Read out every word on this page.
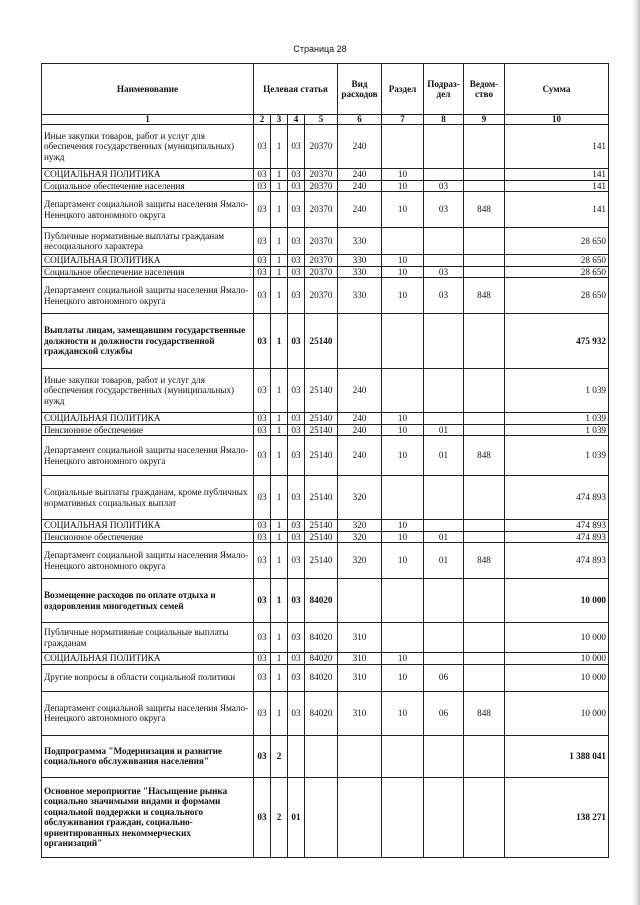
Страница 28
Наименование	Целевая статья				Вид расходов	Раздел	Подраз-дел	Ведом-ство	Сумма
1	2	3	4	5	6	7	8	9	10
Иные закупки товаров, работ и услуг для обеспечения государственных (муниципальных) нужд	03	1	03	20370	240				141
СОЦИАЛЬНАЯ ПОЛИТИКА	03	1	03	20370	240	10			141
Социальное обеспечение населения	03	1	03	20370	240	10	03		141
Департамент социальной защиты населения Ямало-Ненецкого автономного округа	03	1	03	20370	240	10	03	848	141
Публичные нормативные выплаты гражданам несоциального характера	03	1	03	20370	330				28 650
СОЦИАЛЬНАЯ ПОЛИТИКА	03	1	03	20370	330	10			28 650
Социальное обеспечение населения	03	1	03	20370	330	10	03		28 650
Департамент социальной защиты населения Ямало-Ненецкого автономного округа	03	1	03	20370	330	10	03	848	28 650
Выплаты лицам, замещавшим государственные должности и должности государственной гражданской службы	03	1	03	25140					475 932
Иные закупки товаров, работ и услуг для обеспечения государственных (муниципальных) нужд	03	1	03	25140	240				1 039
СОЦИАЛЬНАЯ ПОЛИТИКА	03	1	03	25140	240	10			1 039
Пенсионное обеспечение	03	1	03	25140	240	10	01		1 039
Департамент социальной защиты населения Ямало-Ненецкого автономного округа	03	1	03	25140	240	10	01	848	1 039
Социальные выплаты гражданам, кроме публичных нормативных социальных выплат	03	1	03	25140	320				474 893
СОЦИАЛЬНАЯ ПОЛИТИКА	03	1	03	25140	320	10			474 893
Пенсионное обеспечение	03	1	03	25140	320	10	01		474 893
Департамент социальной защиты населения Ямало-Ненецкого автономного округа	03	1	03	25140	320	10	01	848	474 893
Возмещение расходов по оплате отдыха и оздоровления многодетных семей	03	1	03	84020					10 000
Публичные нормативные социальные выплаты гражданам	03	1	03	84020	310				10 000
СОЦИАЛЬНАЯ ПОЛИТИКА	03	1	03	84020	310	10			10 000
Другие вопросы в области социальной политики	03	1	03	84020	310	10	06		10 000
Департамент социальной защиты населения Ямало-Ненецкого автономного округа	03	1	03	84020	310	10	06	848	10 000
Подпрограмма "Модернизация и развитие социального обслуживания населения"	03	2							1 388 041
Основное мероприятие "Насыщение рынка социально значимыми видами и формами социальной поддержки и социального обслуживания граждан, социально-ориентированных некоммерческих организаций"	03	2	01						138 271
